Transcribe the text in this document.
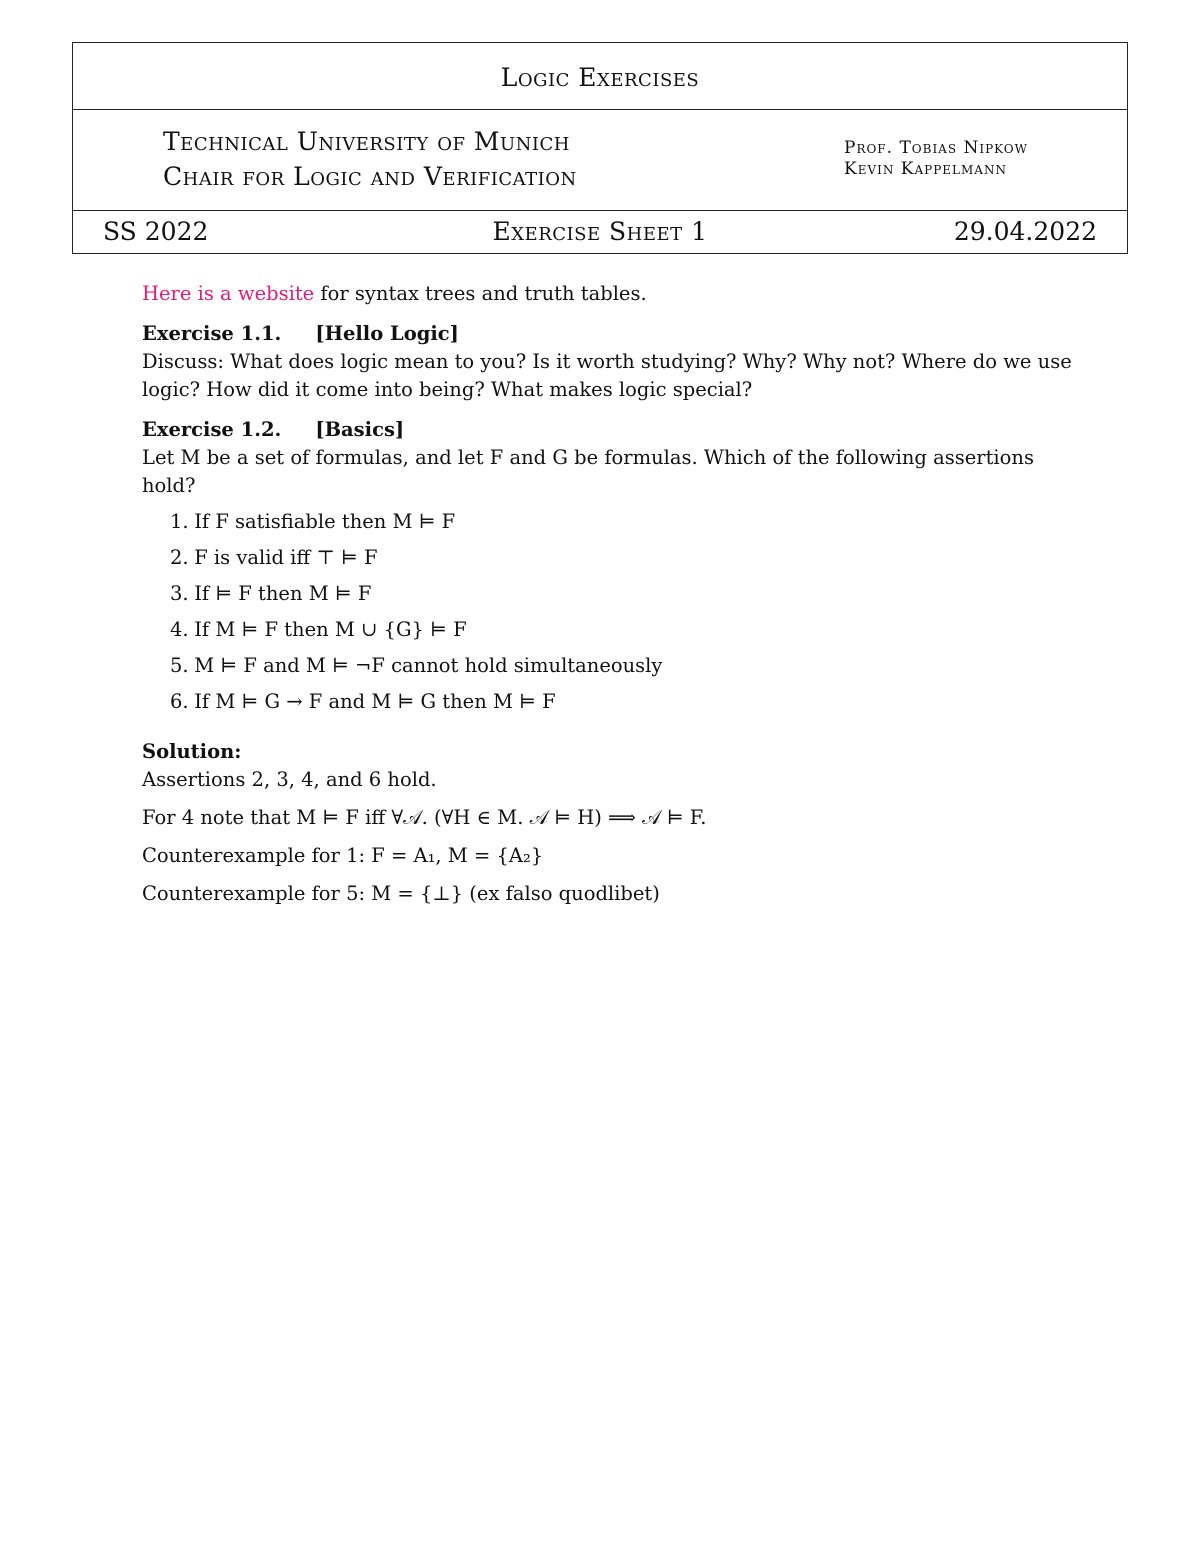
Logic Exercises
Technical University of Munich
Chair for Logic and Verification
Prof. Tobias Nipkow
Kevin Kappelmann
SS 2022	Exercise Sheet 1	29.04.2022

Here is a website for syntax trees and truth tables.

Exercise 1.1. [Hello Logic]

Discuss: What does logic mean to you? Is it worth studying? Why? Why not? Where do we use logic? How did it come into being? What makes logic special?

Exercise 1.2. [Basics]

Let M be a set of formulas, and let F and G be formulas. Which of the following assertions hold?

1. If F satisfiable then M ⊨ F
2. F is valid iff ⊤ ⊨ F
3. If ⊨ F then M ⊨ F
4. If M ⊨ F then M ∪ {G} ⊨ F
5. M ⊨ F and M ⊨ ¬F cannot hold simultaneously
6. If M ⊨ G → F and M ⊨ G then M ⊨ F
Solution:

Assertions 2, 3, 4, and 6 hold.

For 4 note that M ⊨ F iff ∀𝒜. (∀H ∈ M. 𝒜 ⊨ H) ⟹ 𝒜 ⊨ F.

Counterexample for 1: F = A₁, M = {A₂}

Counterexample for 5: M = {⊥} (ex falso quodlibet)
